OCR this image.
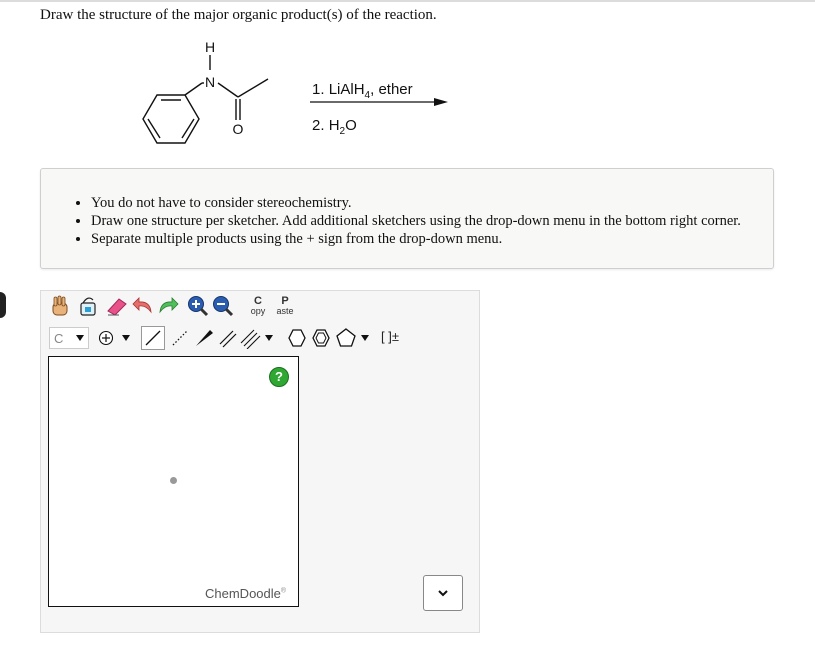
Draw the structure of the major organic product(s) of the reaction.
H
N
O
1. LiAlH$_4$, ether
2. $H_2O$
• You do not have to consider stereochemistry.
• Draw one structure per sketcher. Add additional sketchers using the drop-down menu in the bottom right corner.
• Separate multiple products using the + sign from the drop-down menu.
C
opy
P
aste
C	[ ]±
?
ChemDoodle®
